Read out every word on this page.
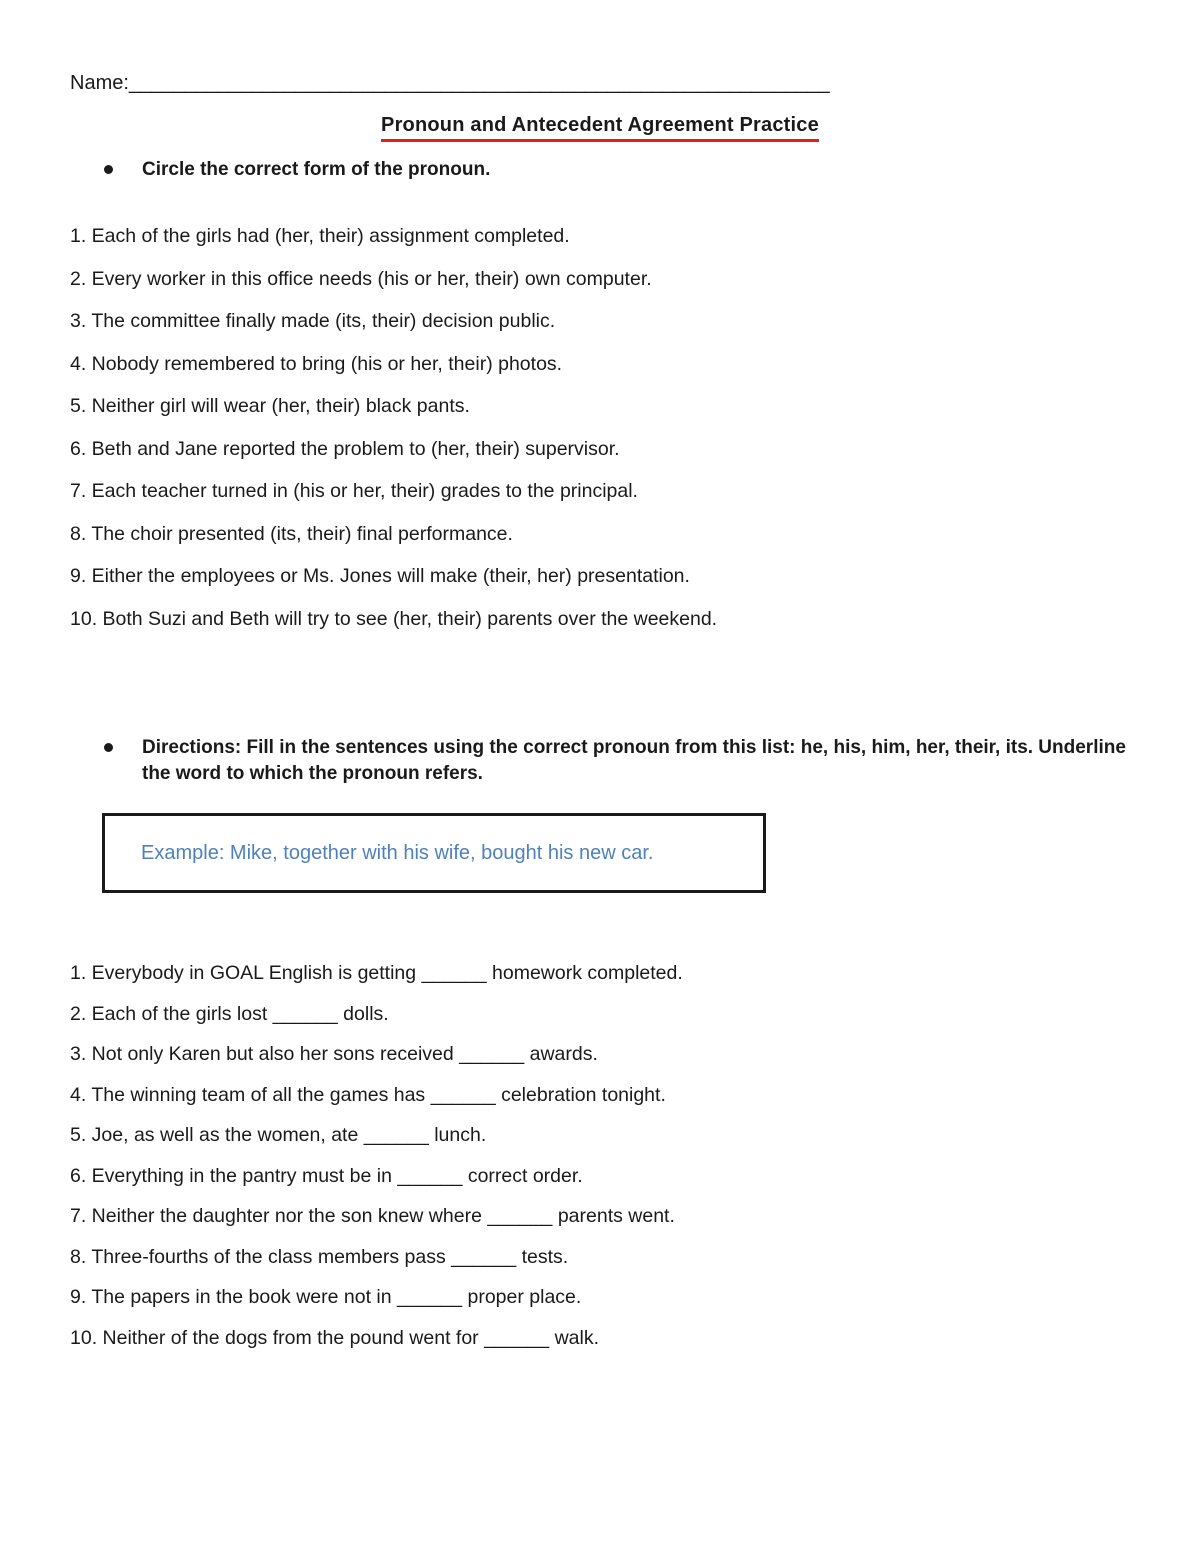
Name:_______________________________________________________________
Pronoun and Antecedent Agreement Practice
Circle the correct form of the pronoun.
1. Each of the girls had (her, their) assignment completed.
2. Every worker in this office needs (his or her, their) own computer.
3. The committee finally made (its, their) decision public.
4. Nobody remembered to bring (his or her, their) photos.
5. Neither girl will wear (her, their) black pants.
6. Beth and Jane reported the problem to (her, their) supervisor.
7. Each teacher turned in (his or her, their) grades to the principal.
8. The choir presented (its, their) final performance.
9. Either the employees or Ms. Jones will make (their, her) presentation.
10. Both Suzi and Beth will try to see (her, their) parents over the weekend.
Directions: Fill in the sentences using the correct pronoun from this list: he, his, him, her, their, its. Underline the word to which the pronoun refers.
Example: Mike, together with his wife, bought his new car.
1. Everybody in GOAL English is getting ______ homework completed.
2. Each of the girls lost ______ dolls.
3. Not only Karen but also her sons received ______ awards.
4. The winning team of all the games has ______ celebration tonight.
5. Joe, as well as the women, ate ______ lunch.
6. Everything in the pantry must be in ______ correct order.
7. Neither the daughter nor the son knew where ______ parents went.
8. Three-fourths of the class members pass ______ tests.
9. The papers in the book were not in ______ proper place.
10. Neither of the dogs from the pound went for ______ walk.
